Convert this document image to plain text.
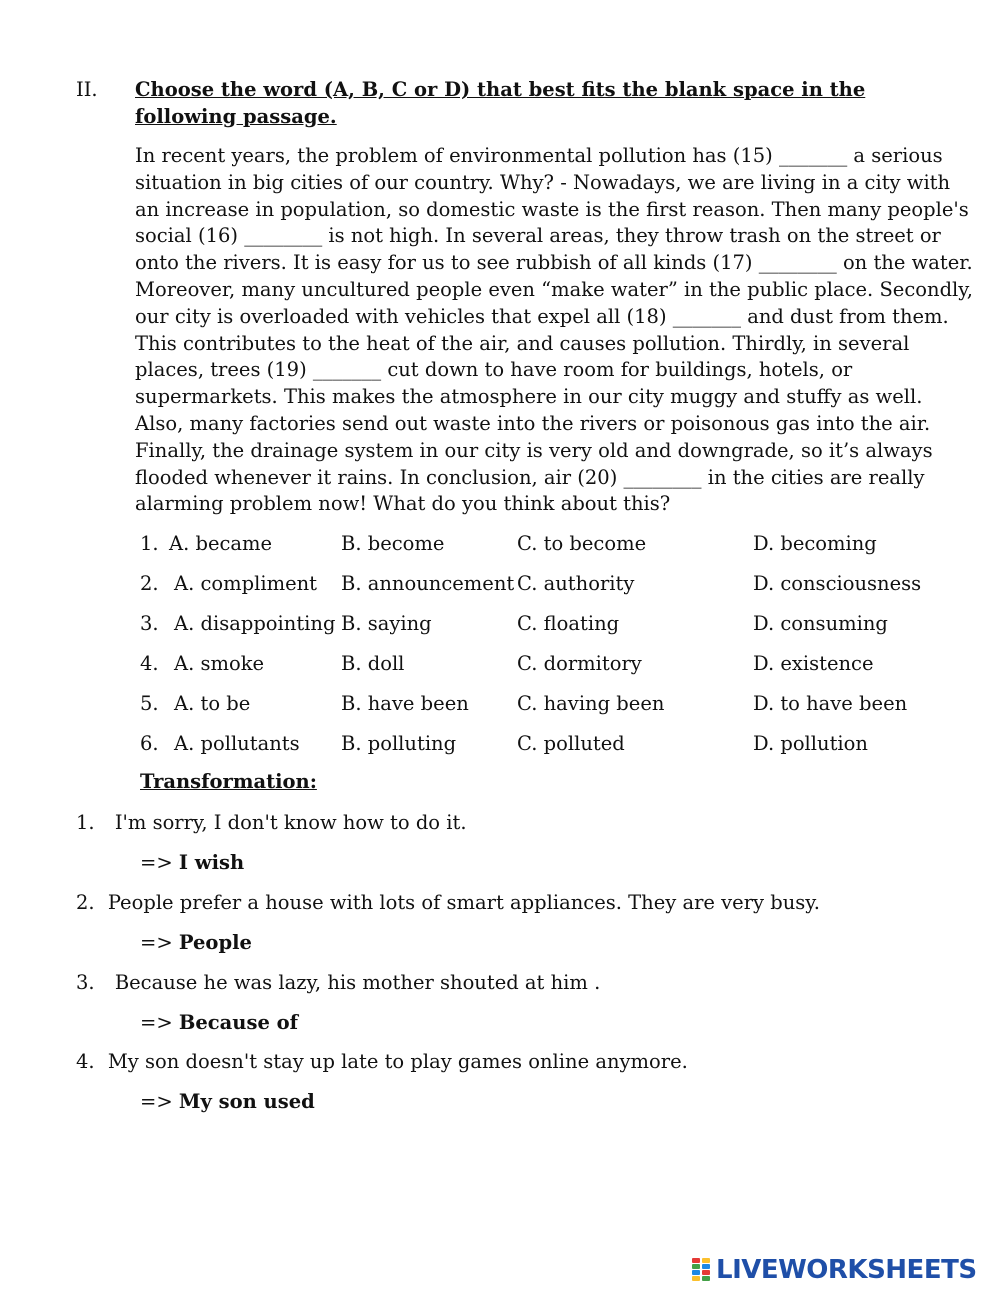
II. Choose the word (A, B, C or D) that best fits the blank space in the following passage.
In recent years, the problem of environmental pollution has (15) _______ a serious situation in big cities of our country. Why? - Nowadays, we are living in a city with an increase in population, so domestic waste is the first reason. Then many people's social (16) ________ is not high. In several areas, they throw trash on the street or onto the rivers. It is easy for us to see rubbish of all kinds (17) ________ on the water. Moreover, many uncultured people even “make water” in the public place. Secondly, our city is overloaded with vehicles that expel all (18) _______ and dust from them. This contributes to the heat of the air, and causes pollution. Thirdly, in several places, trees (19) _______ cut down to have room for buildings, hotels, or supermarkets. This makes the atmosphere in our city muggy and stuffy as well. Also, many factories send out waste into the rivers or poisonous gas into the air. Finally, the drainage system in our city is very old and downgrade, so it’s always flooded whenever it rains. In conclusion, air (20) ________ in the cities are really alarming problem now! What do you think about this?
1. A. became	B. become	C. to become	D. becoming
2. A. compliment B. announcement C. authority	D. consciousness
3. A. disappointing B. saying	C. floating	D. consuming
4. A. smoke	B. doll	C. dormitory	D. existence
5. A. to be	B. have been C. having been	D. to have been
6. A. pollutants B. polluting	C. polluted	D. pollution
Transformation:
1. I'm sorry, I don't know how to do it.
=> I wish
2. People prefer a house with lots of smart appliances. They are very busy.
=> People
3. Because he was lazy, his mother shouted at him .
=> Because of
4. My son doesn't stay up late to play games online anymore.
=> My son used
LIVEWORKSHEETS
